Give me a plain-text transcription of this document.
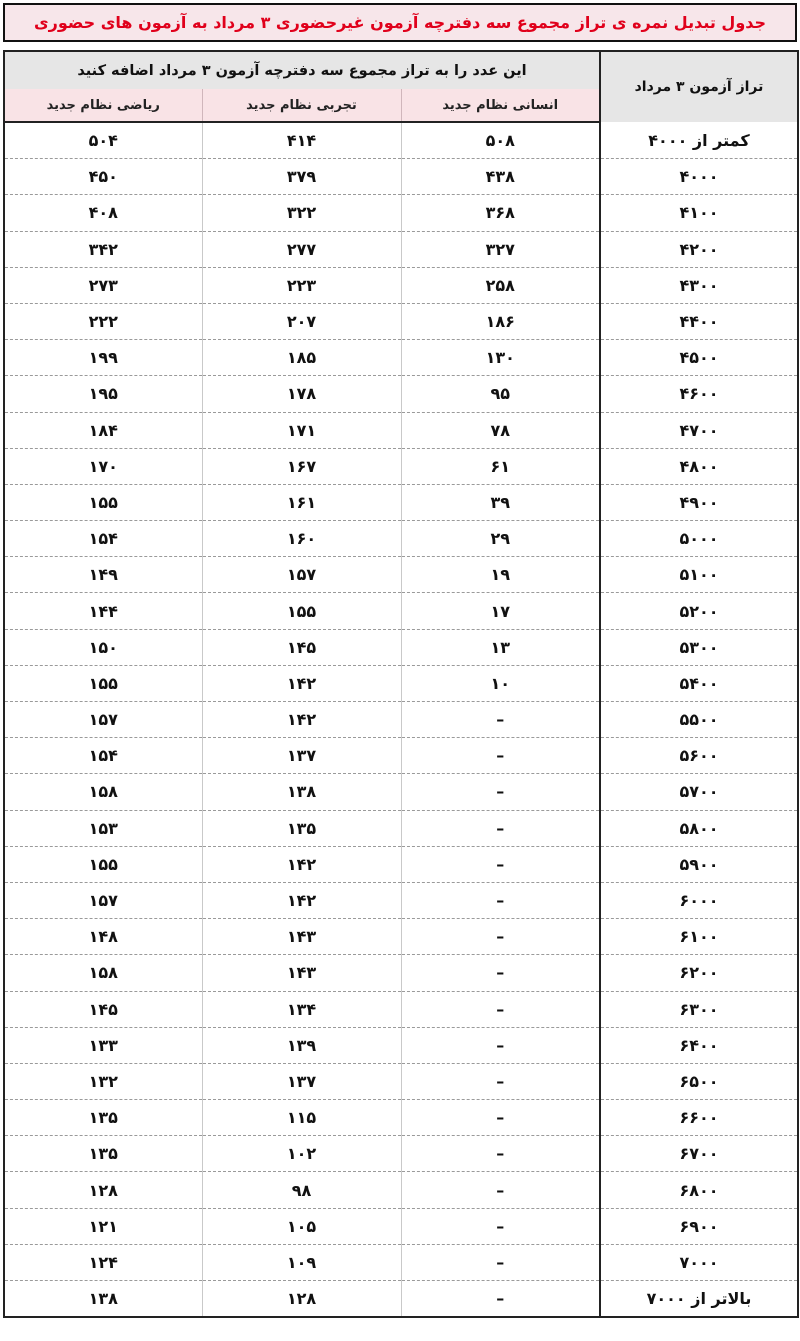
جدول تبدیل نمره ی تراز مجموع سه دفترچه آزمون غیرحضوری ۳ مرداد به آزمون های حضوری
تراز آزمون ۳ مرداد	این عدد را به تراز مجموع سه دفترچه آزمون ۳ مرداد اضافه کنید		
	انسانی نظام جدید	تجربی نظام جدید	ریاضی نظام جدید
کمتر از ۴۰۰۰	۵۰۸	۴۱۴	۵۰۴
۴۰۰۰	۴۳۸	۳۷۹	۴۵۰
۴۱۰۰	۳۶۸	۳۲۲	۴۰۸
۴۲۰۰	۳۲۷	۲۷۷	۳۴۲
۴۳۰۰	۲۵۸	۲۲۳	۲۷۳
۴۴۰۰	۱۸۶	۲۰۷	۲۲۲
۴۵۰۰	۱۳۰	۱۸۵	۱۹۹
۴۶۰۰	۹۵	۱۷۸	۱۹۵
۴۷۰۰	۷۸	۱۷۱	۱۸۴
۴۸۰۰	۶۱	۱۶۷	۱۷۰
۴۹۰۰	۳۹	۱۶۱	۱۵۵
۵۰۰۰	۲۹	۱۶۰	۱۵۴
۵۱۰۰	۱۹	۱۵۷	۱۴۹
۵۲۰۰	۱۷	۱۵۵	۱۴۴
۵۳۰۰	۱۳	۱۴۵	۱۵۰
۵۴۰۰	۱۰	۱۴۲	۱۵۵
۵۵۰۰	–	۱۴۲	۱۵۷
۵۶۰۰	–	۱۳۷	۱۵۴
۵۷۰۰	–	۱۳۸	۱۵۸
۵۸۰۰	–	۱۳۵	۱۵۳
۵۹۰۰	–	۱۴۲	۱۵۵
۶۰۰۰	–	۱۴۲	۱۵۷
۶۱۰۰	–	۱۴۳	۱۴۸
۶۲۰۰	–	۱۴۳	۱۵۸
۶۳۰۰	–	۱۳۴	۱۴۵
۶۴۰۰	–	۱۳۹	۱۳۳
۶۵۰۰	–	۱۳۷	۱۳۲
۶۶۰۰	–	۱۱۵	۱۳۵
۶۷۰۰	–	۱۰۲	۱۳۵
۶۸۰۰	–	۹۸	۱۲۸
۶۹۰۰	–	۱۰۵	۱۲۱
۷۰۰۰	–	۱۰۹	۱۲۴
بالاتر از ۷۰۰۰	–	۱۲۸	۱۳۸
